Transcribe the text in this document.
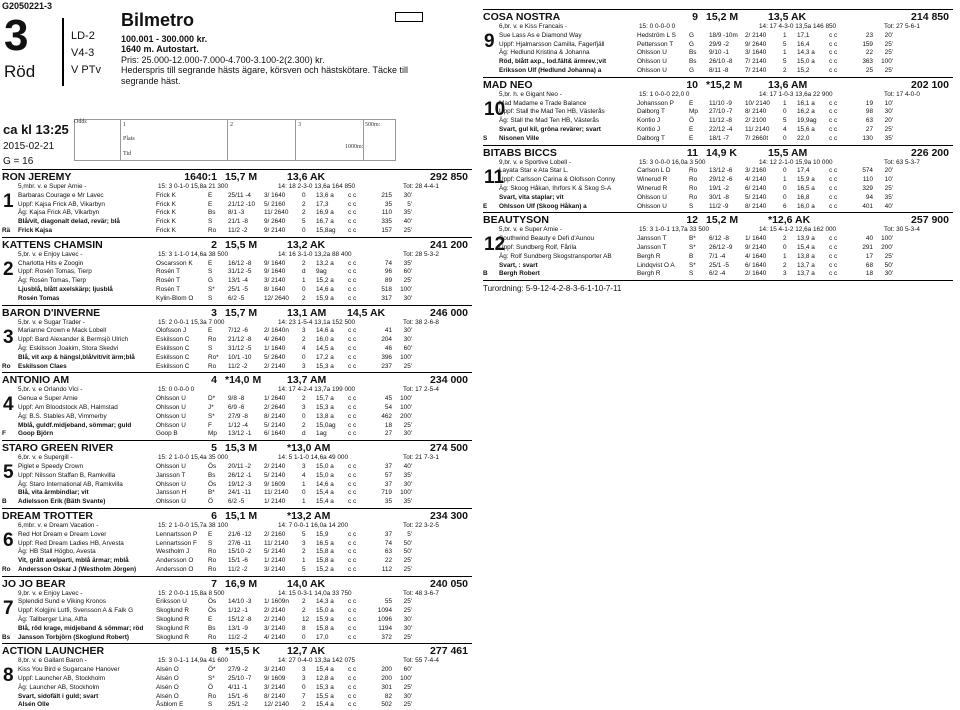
G2050221-3
3
Röd
LD-2
V4-3
V PTv
Bilmetro
100.001 - 300.000 kr.
1640 m. Autostart.
Pris: 25.000-12.000-7.000-4.700-3.100-2(2.300) kr.
Hederspris till segrande hästs ägare, körsven och hästskötare. Täcke till segrande häst.
ca kl 13:25
2015-02-21
G = 16
Odds	1	2	3
Plats
Tid
500m:
1000m:
RON JEREMY	1640:1 15,7 M	13,6 AK	292 850
5,mbr. v. e Super Arnie -	15: 3 0-1-0 15,8a 21 300	14: 18 2-3-0 13,6a 164 850	Tot: 28 4-4-1
1 Barbaras Courage e Mr Lavec	Frick K	E	25/11 -4	3/ 1640	0	13,6 a	c c	215	30'
Uppf: Kajsa Frick AB, Vikarbyn	Frick K	E	21/12 -10	5/ 2160	2	17,3	c c	35	5'
Äg: Kajsa Frick AB, Vikarbyn	Frick K	Bs	8/1 -3	11/ 2640	2	16,9 a	c c	110	35'
Blå/vit, diagonalt delad, revär; blå	Frick K	S	21/1 -8	9/ 2640	5	16,7 a	c c	335	40'
Rä	Frick Kajsa	Frick K	Ro	11/2 -2	9/ 2140	0	15,8ag	c c	157	25'
KATTENS CHAMSIN	2 15,5 M	13,2 AK	241 200
5,br. v. e Enjoy Lavec -	15: 3 1-1-0 14,6a 38 500	14: 16 3-1-0 13,2a 88 400	Tot: 28 5-3-2
2 Charlotta Hits e Zoogin	Oscarsson K	E	16/12 -8	9/ 1640	2	13,2 a	c c	74	35'
Uppf: Rosén Tomas, Tierp	Rosén T	S	31/12 -5	9/ 1640	d	9ag	c c	96	60'
Äg: Rosén Tomas, Tierp	Rosén T	G	13/1 -4	3/ 2140	1	15,2 a	c c	89	25'
Ljusblå, blått axelskärp; ljusblå	Rosén T	S*	25/1 -5	8/ 1640	0	14,6 a	c c	518	100'
Rosén Tomas	Kylin-Blom O	S	6/2 -5	12/ 2640	2	15,9 a	c c	317	30'
BARON D'INVERNE	3 15,7 M	13,1 AM	14,5 AK	246 000
5,br. v. e Sugar Trader -	15: 2 0-0-1 15,3a 7 000	14: 23 1-5-4 13,1a 152 500	Tot: 38 2-6-8
3 Marianne Crown e Mack Lobell	Olofsson J	E	7/12 -6	2/ 1640n	3	14,6 a	c c	41	30'
Uppf: Bard Alexander & Bermsjö Ulrich	Eskilsson C	Ro	21/12 -8	4/ 2640	2	16,0 a	c c	204	30'
Äg: Eskilsson Joakim, Stora Skedvi	Eskilsson C	S	31/12 -5	1/ 1640	4	14,5 a	c c	46	60'
Blå, vit axp & hängsl,blå/vit/vit ärm;blå	Eskilsson C	Ro*	10/1 -10	5/ 2640	0	17,2 a	c c	396	100'
Ro	Eskilsson Claes	Eskilsson C	Ro	11/2 -2	2/ 2140	3	15,3 a	c c	237	25'
ANTONIO AM	4 *14,0 M	13,7 AM	234 000
5,br. v. e Orlando Vici -	15: 0 0-0-0 0	14: 17 4-2-4 13,7a 199 000	Tot: 17 2-5-4
4 Genua e Super Arnie	Ohlsson U	D*	9/8 -8	1/ 2640	2	15,7 a	c c	45	100'
Uppf: Am Bloodstock AB, Halmstad	Ohlsson U	J*	6/9 -6	2/ 2640	3	15,3 a	c c	54	100'
Äg: B.S. Stables AB, Vimmerby	Ohlsson U	S*	27/9 -8	8/ 2140	0	13,8 a	c c	462	200'
Mblå, guldf.midjeband, sömmar; guld	Ohlsson U	F	1/12 -4	5/ 2140	2	15,0ag	c c	18	25'
F	Goop Björn	Goop B	Mp	13/12 -1	6/ 1640	d	1ag	c c	27	30'
STARO GREEN RIVER	5 15,3 M	*13,0 AM	274 500
6,br. v. e Supergill -	15: 2 1-0-0 15,4a 35 000	14: 5 1-1-0 14,6a 49 000	Tot: 21 7-3-1
5 Piglet e Speedy Crown	Ohlsson U	Ös	20/11 -2	2/ 2140	3	15,0 a	c c	37	40'
Uppf: Nilsson Staffan B, Ramkvilla	Jansson T	Bs	26/12 -1	5/ 2140	4	15,0 a	c c	57	35'
Äg: Staro International AB, Ramkvilla	Ohlsson U	Ös	19/12 -3	9/ 1609	1	14,6 a	c c	37	30'
Blå, vita ärmbindlar; vit	Jansson H	B*	24/1 -11	11/ 2140	0	15,4 a	c c	719	100'
B	Adielsson Erik (Bäth Svante)	Ohlsson U	Ö	6/2 -5	1/ 2140	1	15,4 a	c c	35	35'
DREAM TROTTER	6 15,1 M	*13,2 AM	234 300
6,mbr. v. e Dream Vacation -	15: 2 1-0-0 15,7a 38 100	14: 7 0-0-1 16,0a 14 200	Tot: 22 3-2-5
6 Red Hot Dream e Dream Lover	Lennartsson P	E	21/6 -12	2/ 2160	5	15,9	c c	37	5'
Uppf: Red Dream Ladies HB, Arvesta	Lennartsson F	S	27/6 -11	11/ 2140	3	16,5 a	c c	74	50'
Äg: HB Stall Högbo, Avesta	Westholm J	Ro	15/10 -2	5/ 2140	2	15,8 a	c c	63	50'
Vit, grått axelparti, mblå ärmar; mblå	Andersson O	Ro	15/1 -6	1/ 2140	1	15,8 a	c c	22	25'
Ro	Andersson Oskar J (Westholm Jörgen)	Andersson O	Ro	11/2 -2	3/ 2140	5	15,2 a	c c	112	25'
JO JO BEAR	7 16,9 M	14,0 AK	240 050
9,br. v. e Enjoy Lavec -	15: 2 0-0-1 15,8a 8 500	14: 15 0-3-1 14,0a 33 750	Tot: 48 3-6-7
7 Splendid Sund e Viking Kronos	Eriksson U	Ös	14/10 -3	1/ 1609n	2	14,3 a	c c	55	25'
Uppf: Kolgjini Lutfi, Svensson A & Falk G	Skoglund R	Ös	1/12 -1	2/ 2140	2	15,0 a	c c	1094	25'
Äg: Tallberger Lina, Alfta	Skoglund R	E	15/12 -8	2/ 2140	12	15,9 a	c c	1096	30'
Blå, röd krage, midjeband & sömmar; röd	Skoglund R	Bs	13/1 -9	3/ 2140	8	15,8 a	c c	1194	30'
Bs	Jansson Torbjörn (Skoglund Robert)	Skoglund R	Ro	11/2 -2	4/ 2140	0	17,0	c c	372	25'
ACTION LAUNCHER	8 *15,5 K	12,7 AK	277 461
8,br. v. e Gallant Baron -	15: 3 0-1-1 14,9a 41 600	14: 27 0-4-0 13,3a 142 075	Tot: 55 7-4-4
8 Kiss You Bird e Sugarcane Hanover	Alsén O	Ö*	27/9 -2	3/ 2140	3	15,4 a	c c	200	60'
Uppf: Launcher AB, Stockholm	Alsén O	S*	25/10 -7	9/ 1609	3	12,8 a	c c	200	100'
Äg: Launcher AB, Stockholm	Alsén O	Ö	4/11 -1	3/ 2140	0	15,3 a	c c	301	25'
Svart, sidofält i guld; svart	Alsén O	Ro	15/1 -6	8/ 2140	7	15,5 a	c c	82	30'
Alsén Olle	Åsblom E	S	25/1 -2	12/ 2140	2	15,4 a	c c	502	25'
COSA NOSTRA	9 15,2 M	13,5 AK	214 850
6,br. v. e Kiss Francais -	15: 0 0-0-0 0	14: 17 4-3-0 13,5a 146 850	Tot: 27 5-6-1
9 Sue Lass As e Diamond Way	Hedström L S	G	18/9 -10m	2/ 2140	1	17,1	c c	23	20'
Uppf: Hjalmarsson Camilla, Fagerfjäll	Pettersson T	G	29/9 -2	9/ 2640	5	16,4	c c	159	25'
Äg: Hedlund Kristina & Johanna	Ohlsson U	Bs	9/10 -1	3/ 1640	1	14,3 a	c c	22	25'
Röd, blått axp., lod.fält& ärmrev.;vit	Ohlsson U	Bs	26/10 -8	7/ 2140	5	15,0 a	c c	363	100'
Eriksson Ulf (Hedlund Johanna) a	Ohlsson U	G	8/11 -8	7/ 2140	2	15,2	c c	25	25'
MAD NEO	10 *15,2 M	13,6 AM	202 100
5,br. h. e Gigant Neo -	15: 1 0-0-0 22,0 0	14: 17 1-0-3 13,6a 22 900	Tot: 17 4-0-0
10
Mad Madame e Trade Balance	Johansson P	E	11/10 -9	10/ 2140	1	16,1 a	c c	19	10'
Uppf: Stall the Mad Ten HB, Västerås	Dalborg T	Mp	27/10 -7	8/ 2140	0	16,2 a	c c	98	30'
Äg: Stall the Mad Ten HB, Västerås	Kontio J	Ö	11/12 -8	2/ 2100	5	19,9ag	c c	63	20'
Svart, gul kil, gröna revärer; svart	Kontio J	E	22/12 -4	11/ 2140	4	15,6 a	c c	27	25'
S	Nisonen Ville	Dalborg T	E	18/1 -7	7/ 2660t	0	22,0	c c	130	35'
BITABS BICCS	11 14,9 K	15,5 AM	226 200
9,br. v. e Sportive Lobell -	15: 3 0-0-0 16,0a 3 500	14: 12 2-1-0 15,9a 10 000	Tot: 63 5-3-7
11
Layata Star e Ata Star L.	Carlson L D	Ro	13/12 -6	3/ 2160	0	17,4	c c	574	20'
Uppf: Carlsson Carina & Olofsson Conny	Winerud R	Ro	29/12 -6	4/ 2140	1	15,9 a	c c	110	10'
Äg: Skoog Håkan, Ihrfors K & Skog S-A	Winerud R	Ro	19/1 -2	6/ 2140	0	16,5 a	c c	329	25'
Svart, vita staplar; vit	Ohlsson U	Ro	30/1 -8	5/ 2140	0	16,8	c c	94	35'
E	Ohlsson Ulf (Skoog Håkan) a	Ohlsson U	S	11/2 -9	8/ 2140	6	16,0 a	c c	401	40'
BEAUTYSON	12 15,2 M	*12,6 AK	257 900
5,br. v. e Super Arnie -	15: 3 1-0-1 13,7a 33 500	14: 15 4-1-2 12,6a 162 000	Tot: 30 5-3-4
12
Southwind Beauty e Defi d'Aunou	Jansson T	B*	6/12 -8	1/ 1640	2	13,9 a	c c	40	100'
Uppf: Sundberg Rolf, Fårila	Jansson T	S*	26/12 -9	9/ 2140	0	15,4 a	c c	291	200'
Äg: Rolf Sundberg Skogstransporter AB	Bergh R	B	7/1 -4	4/ 1640	1	13,8 a	c c	17	25'
Svart, : svart	Lindqvist O A	S*	25/1 -5	6/ 1640	2	13,7 a	c c	68	50'
B	Bergh Robert	Bergh R	S	6/2 -4	2/ 1640	3	13,7 a	c c	18	30'
Turordning: 5-9-12-4-2-8-3-6-1-10-7-11
